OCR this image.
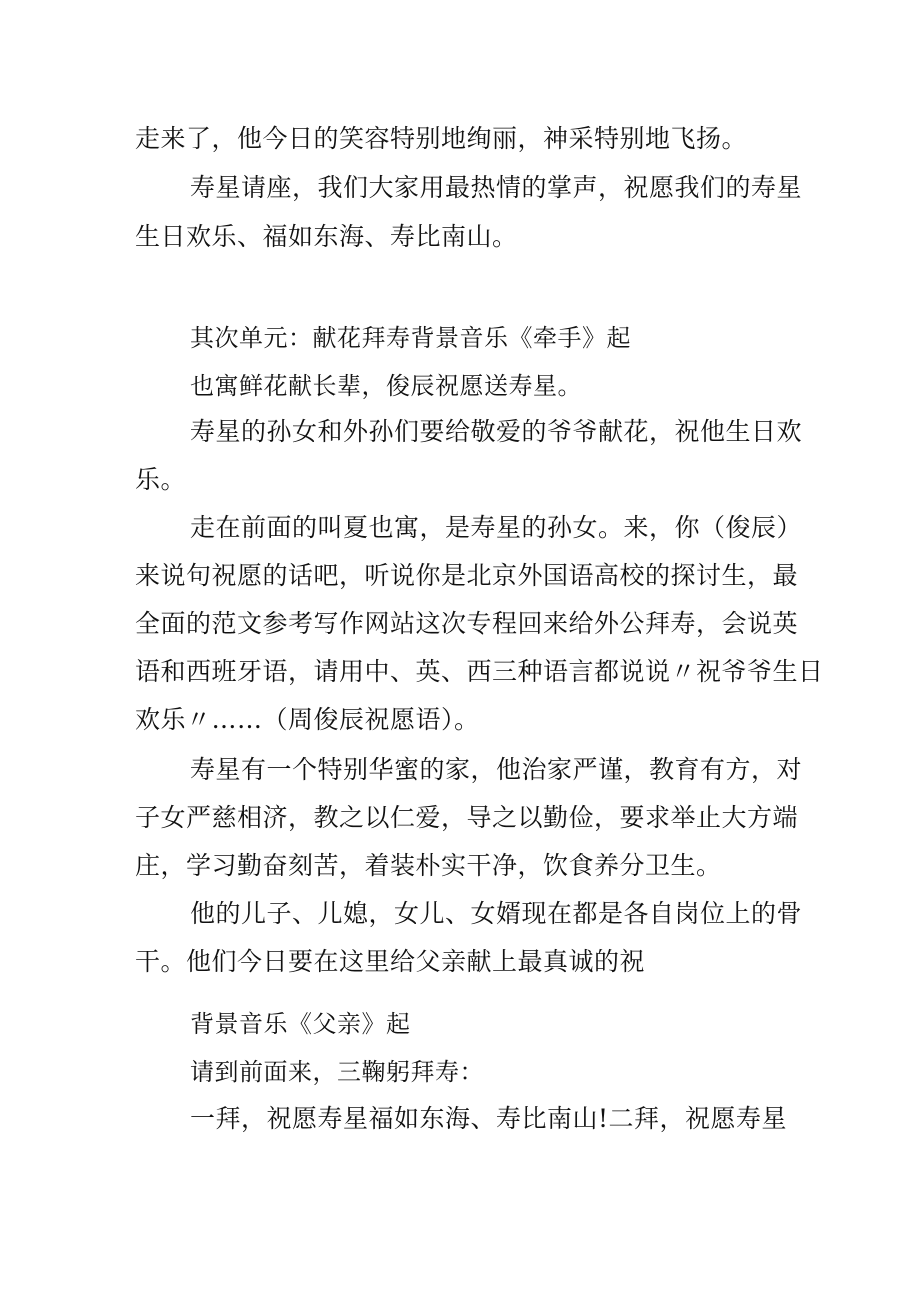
走来了，他今日的笑容特别地绚丽，神采特别地飞扬。
寿星请座，我们大家用最热情的掌声，祝愿我们的寿星
生日欢乐、福如东海、寿比南山。
其次单元：献花拜寿背景音乐《牵手》起
也寓鲜花献长辈，俊辰祝愿送寿星。
寿星的孙女和外孙们要给敬爱的爷爷献花，祝他生日欢
乐。
走在前面的叫夏也寓，是寿星的孙女。来，你（俊辰）
来说句祝愿的话吧，听说你是北京外国语高校的探讨生，最
全面的范文参考写作网站这次专程回来给外公拜寿，会说英
语和西班牙语，请用中、英、西三种语言都说说〃祝爷爷生日
欢乐〃……（周俊辰祝愿语）。
寿星有一个特别华蜜的家，他治家严谨，教育有方，对
子女严慈相济，教之以仁爱，导之以勤俭，要求举止大方端
庄，学习勤奋刻苦，着装朴实干净，饮食养分卫生。
他的儿子、儿媳，女儿、女婿现在都是各自岗位上的骨
干。他们今日要在这里给父亲献上最真诚的祝
背景音乐《父亲》起
请到前面来，三鞠躬拜寿：
一拜，祝愿寿星福如东海、寿比南山!二拜，祝愿寿星
